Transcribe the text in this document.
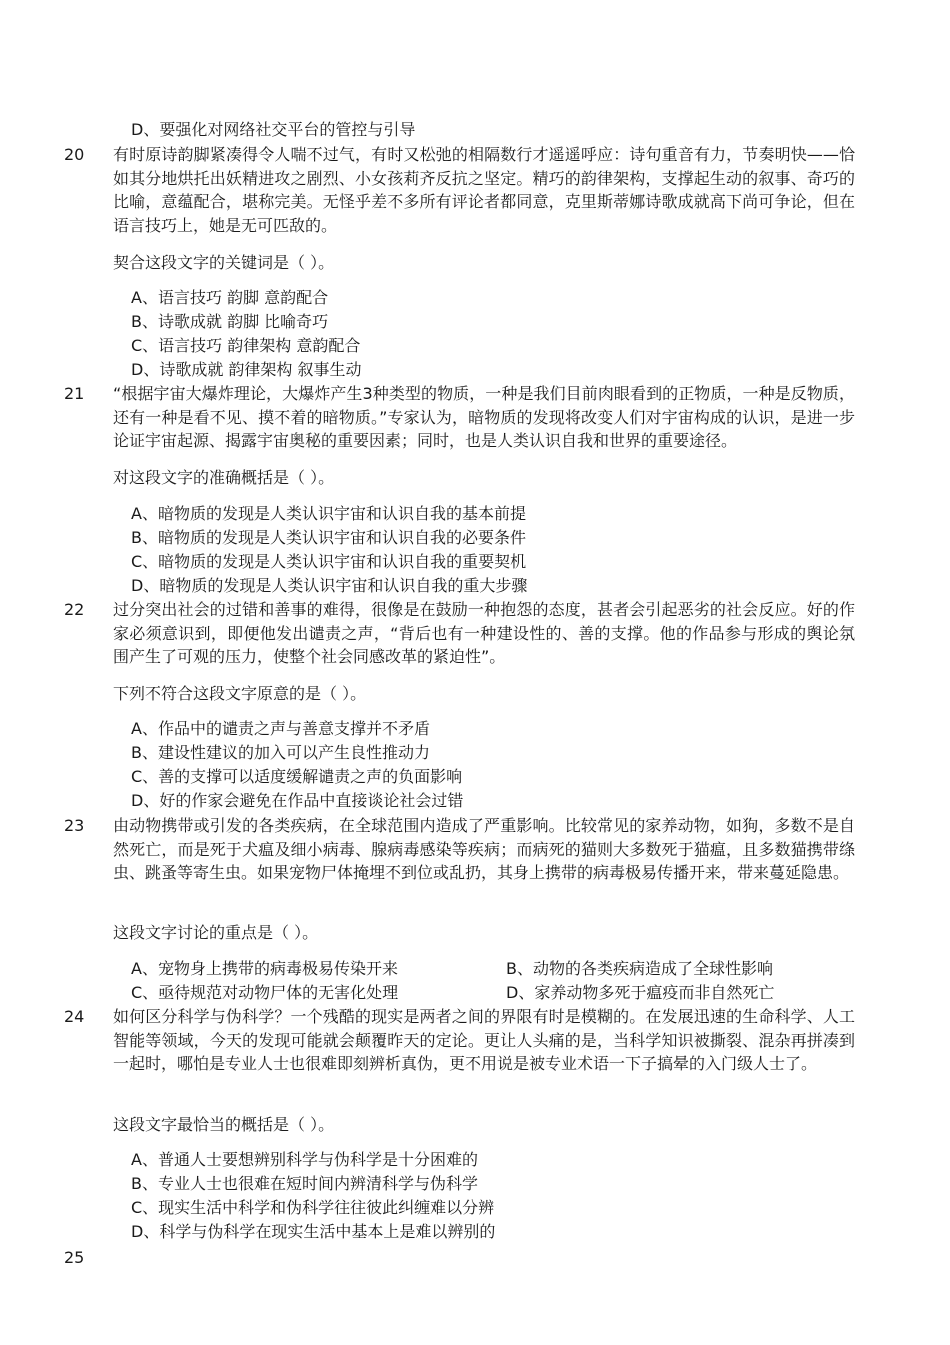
D、要强化对网络社交平台的管控与引导
20 有时原诗韵脚紧凑得令人喘不过气，有时又松弛的相隔数行才遥遥呼应：诗句重音有力，节奏明快——恰如其分地烘托出妖精进攻之剧烈、小女孩莉齐反抗之坚定。精巧的韵律架构，支撑起生动的叙事、奇巧的比喻，意蕴配合，堪称完美。无怪乎差不多所有评论者都同意，克里斯蒂娜诗歌成就高下尚可争论，但在语言技巧上，她是无可匹敌的。
契合这段文字的关键词是（ ）。
A、语言技巧 韵脚 意韵配合
B、诗歌成就 韵脚 比喻奇巧
C、语言技巧 韵律架构 意韵配合
D、诗歌成就 韵律架构 叙事生动
21 “根据宇宙大爆炸理论，大爆炸产生3种类型的物质，一种是我们目前肉眼看到的正物质，一种是反物质，还有一种是看不见、摸不着的暗物质。”专家认为，暗物质的发现将改变人们对宇宙构成的认识，是进一步论证宇宙起源、揭露宇宙奥秘的重要因素；同时，也是人类认识自我和世界的重要途径。
对这段文字的准确概括是（ ）。
A、暗物质的发现是人类认识宇宙和认识自我的基本前提
B、暗物质的发现是人类认识宇宙和认识自我的必要条件
C、暗物质的发现是人类认识宇宙和认识自我的重要契机
D、暗物质的发现是人类认识宇宙和认识自我的重大步骤
22 过分突出社会的过错和善事的难得，很像是在鼓励一种抱怨的态度，甚者会引起恶劣的社会反应。好的作家必须意识到，即便他发出谴责之声，“背后也有一种建设性的、善的支撑。他的作品参与形成的舆论氛围产生了可观的压力，使整个社会同感改革的紧迫性”。
下列不符合这段文字原意的是（ ）。
A、作品中的谴责之声与善意支撑并不矛盾
B、建设性建议的加入可以产生良性推动力
C、善的支撑可以适度缓解谴责之声的负面影响
D、好的作家会避免在作品中直接谈论社会过错
23 由动物携带或引发的各类疾病，在全球范围内造成了严重影响。比较常见的家养动物，如狗，多数不是自然死亡，而是死于犬瘟及细小病毒、腺病毒感染等疾病；而病死的猫则大多数死于猫瘟，且多数猫携带绦虫、跳蚤等寄生虫。如果宠物尸体掩埋不到位或乱扔，其身上携带的病毒极易传播开来，带来蔓延隐患。
这段文字讨论的重点是（ ）。
A、宠物身上携带的病毒极易传染开来	B、动物的各类疾病造成了全球性影响
C、亟待规范对动物尸体的无害化处理	D、家养动物多死于瘟疫而非自然死亡
24 如何区分科学与伪科学？一个残酷的现实是两者之间的界限有时是模糊的。在发展迅速的生命科学、人工智能等领域，今天的发现可能就会颠覆昨天的定论。更让人头痛的是，当科学知识被撕裂、混杂再拼凑到一起时，哪怕是专业人士也很难即刻辨析真伪，更不用说是被专业术语一下子搞晕的入门级人士了。
这段文字最恰当的概括是（ ）。
A、普通人士要想辨别科学与伪科学是十分困难的
B、专业人士也很难在短时间内辨清科学与伪科学
C、现实生活中科学和伪科学往往彼此纠缠难以分辨
D、科学与伪科学在现实生活中基本上是难以辨别的
25
